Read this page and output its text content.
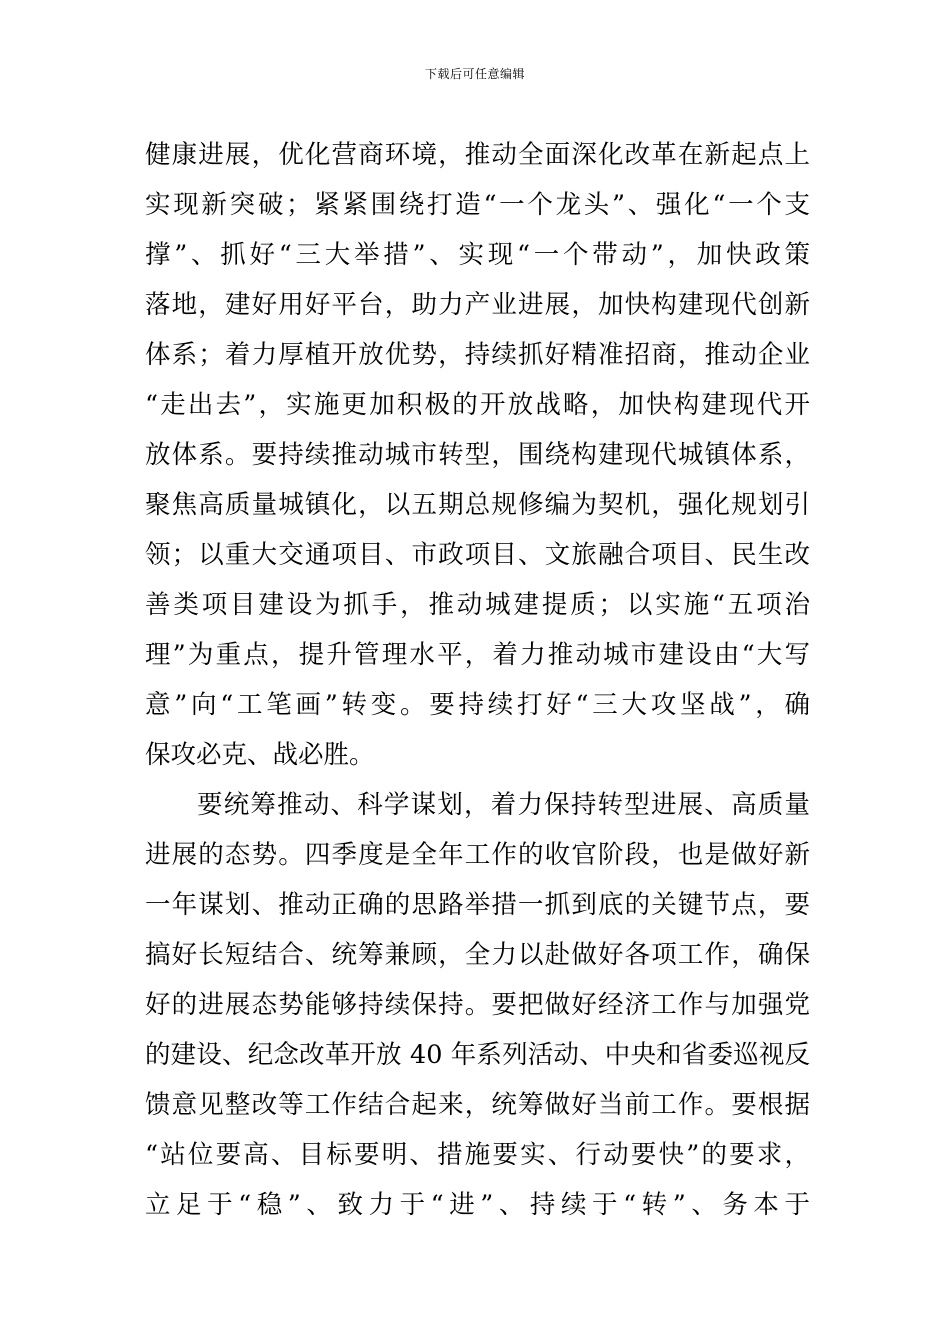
下载后可任意编辑
健康进展，优化营商环境，推动全面深化改革在新起点上
实现新突破；紧紧围绕打造“一个龙头”、强化“一个支
撑”、抓好“三大举措”、实现“一个带动”，加快政策
落地，建好用好平台，助力产业进展，加快构建现代创新
体系；着力厚植开放优势，持续抓好精准招商，推动企业
“走出去”，实施更加积极的开放战略，加快构建现代开
放体系。要持续推动城市转型，围绕构建现代城镇体系，
聚焦高质量城镇化，以五期总规修编为契机，强化规划引
领；以重大交通项目、市政项目、文旅融合项目、民生改
善类项目建设为抓手，推动城建提质；以实施“五项治
理”为重点，提升管理水平，着力推动城市建设由“大写
意”向“工笔画”转变。要持续打好“三大攻坚战”，确
保攻必克、战必胜。
要统筹推动、科学谋划，着力保持转型进展、高质量
进展的态势。四季度是全年工作的收官阶段，也是做好新
一年谋划、推动正确的思路举措一抓到底的关键节点，要
搞好长短结合、统筹兼顾，全力以赴做好各项工作，确保
好的进展态势能够持续保持。要把做好经济工作与加强党
的建设、纪念改革开放 40 年系列活动、中央和省委巡视反
馈意见整改等工作结合起来，统筹做好当前工作。要根据
“站位要高、目标要明、措施要实、行动要快”的要求，
立足于“稳”、致力于“进”、持续于“转”、务本于
